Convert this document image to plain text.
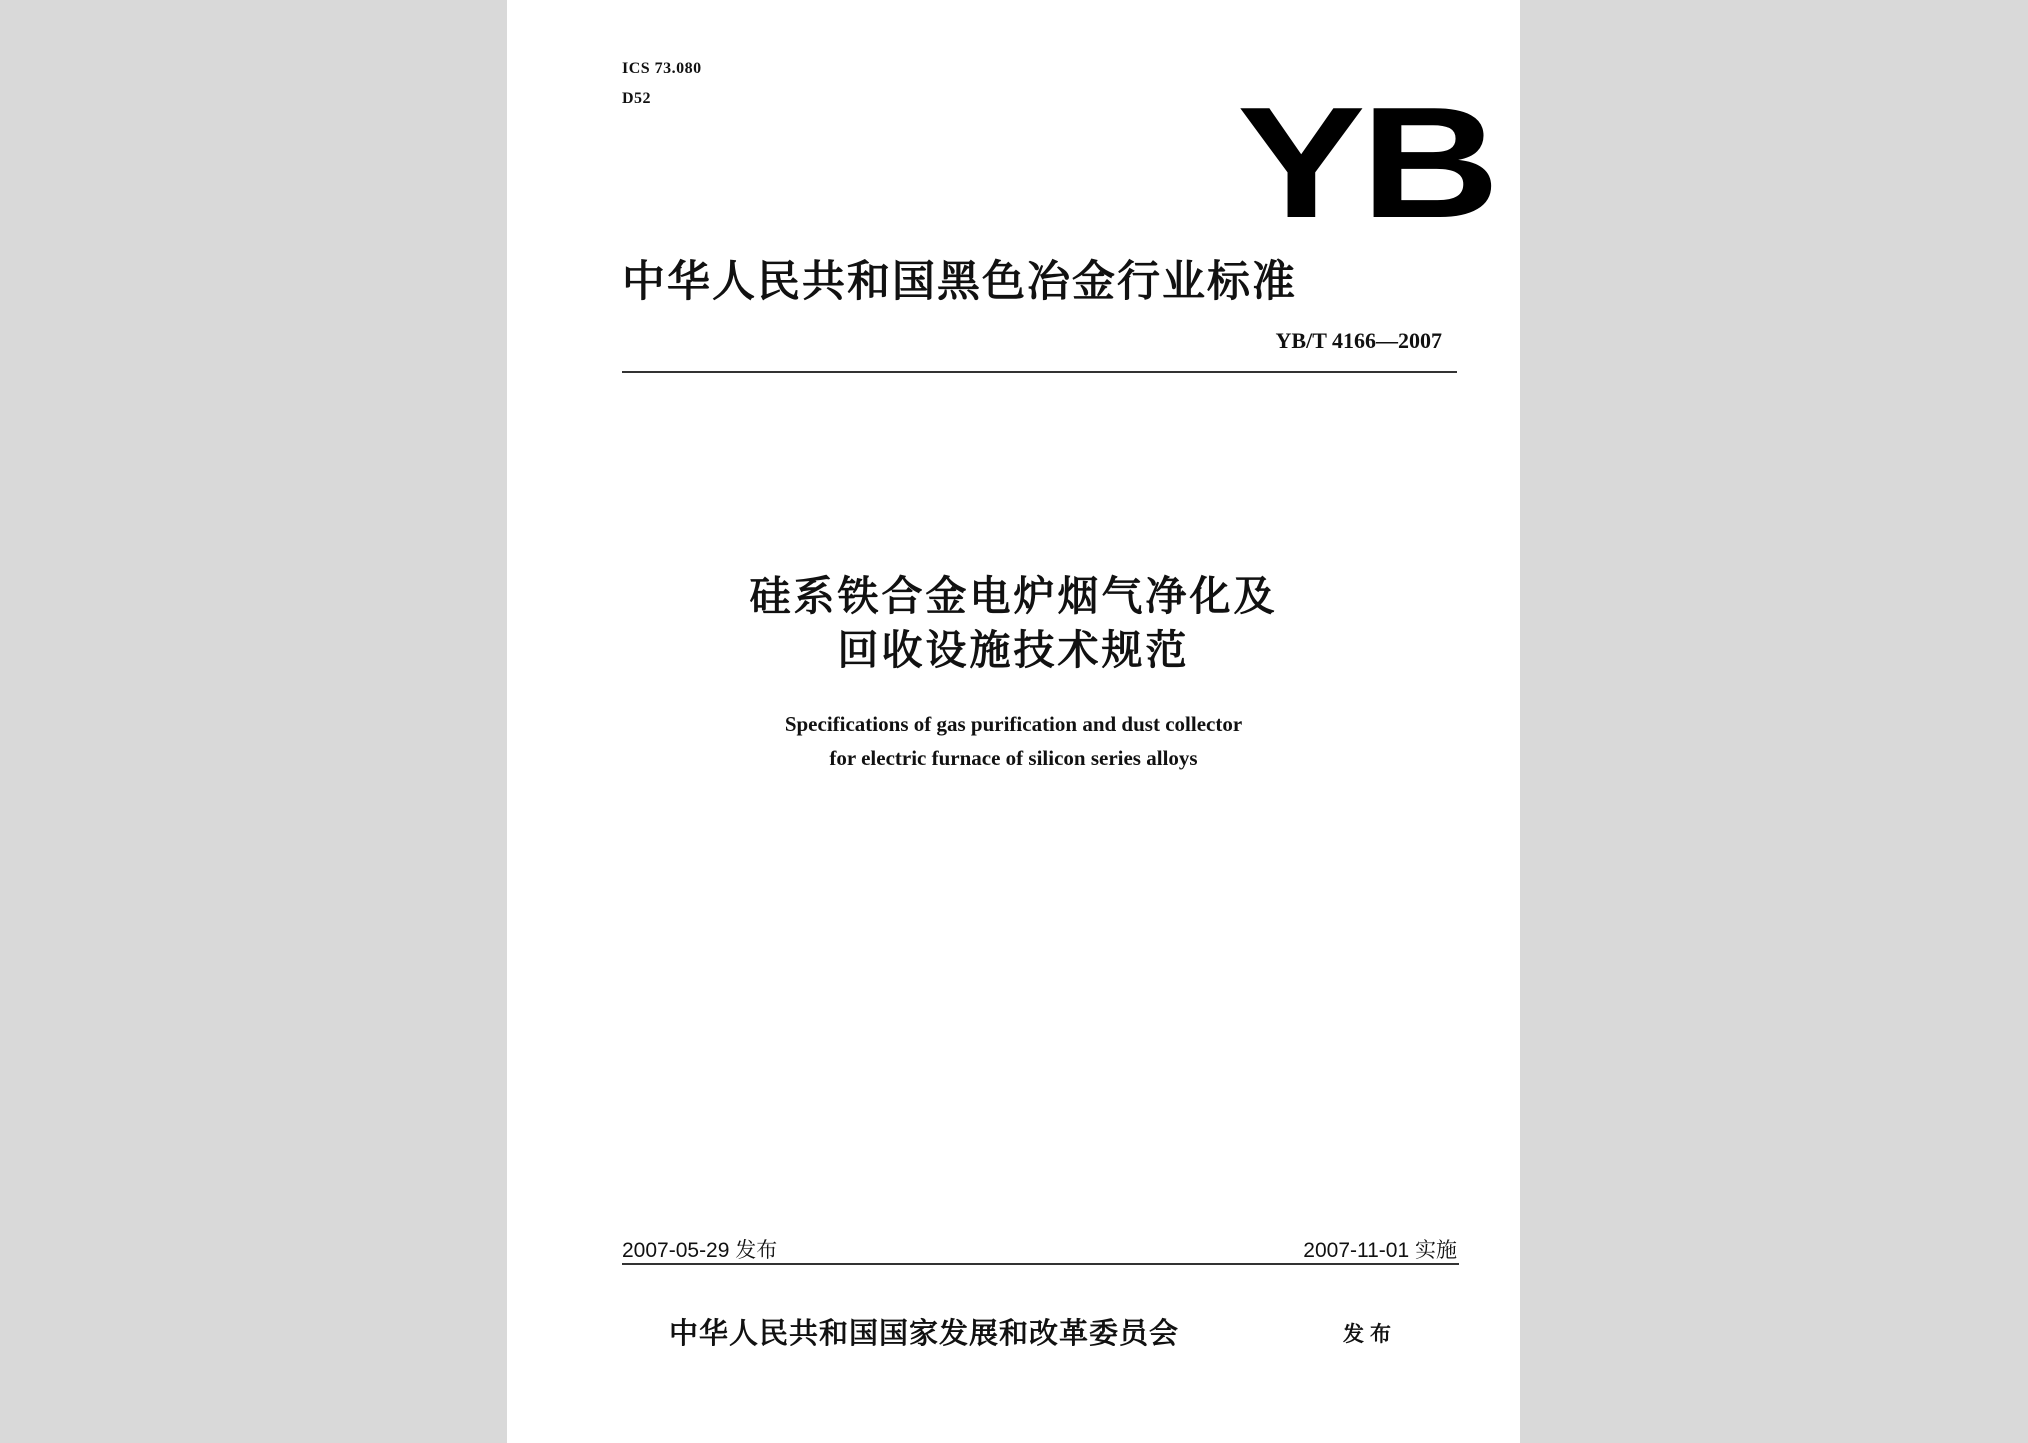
ICS 73.080
D52	YB
中华人民共和国黑色冶金行业标准
YB/T 4166—2007
硅系铁合金电炉烟气净化及
回收设施技术规范
Specifications of gas purification and dust collector
for electric furnace of silicon series alloys
2007-05-29 发布	2007-11-01 实施
中华人民共和国国家发展和改革委员会	发布
